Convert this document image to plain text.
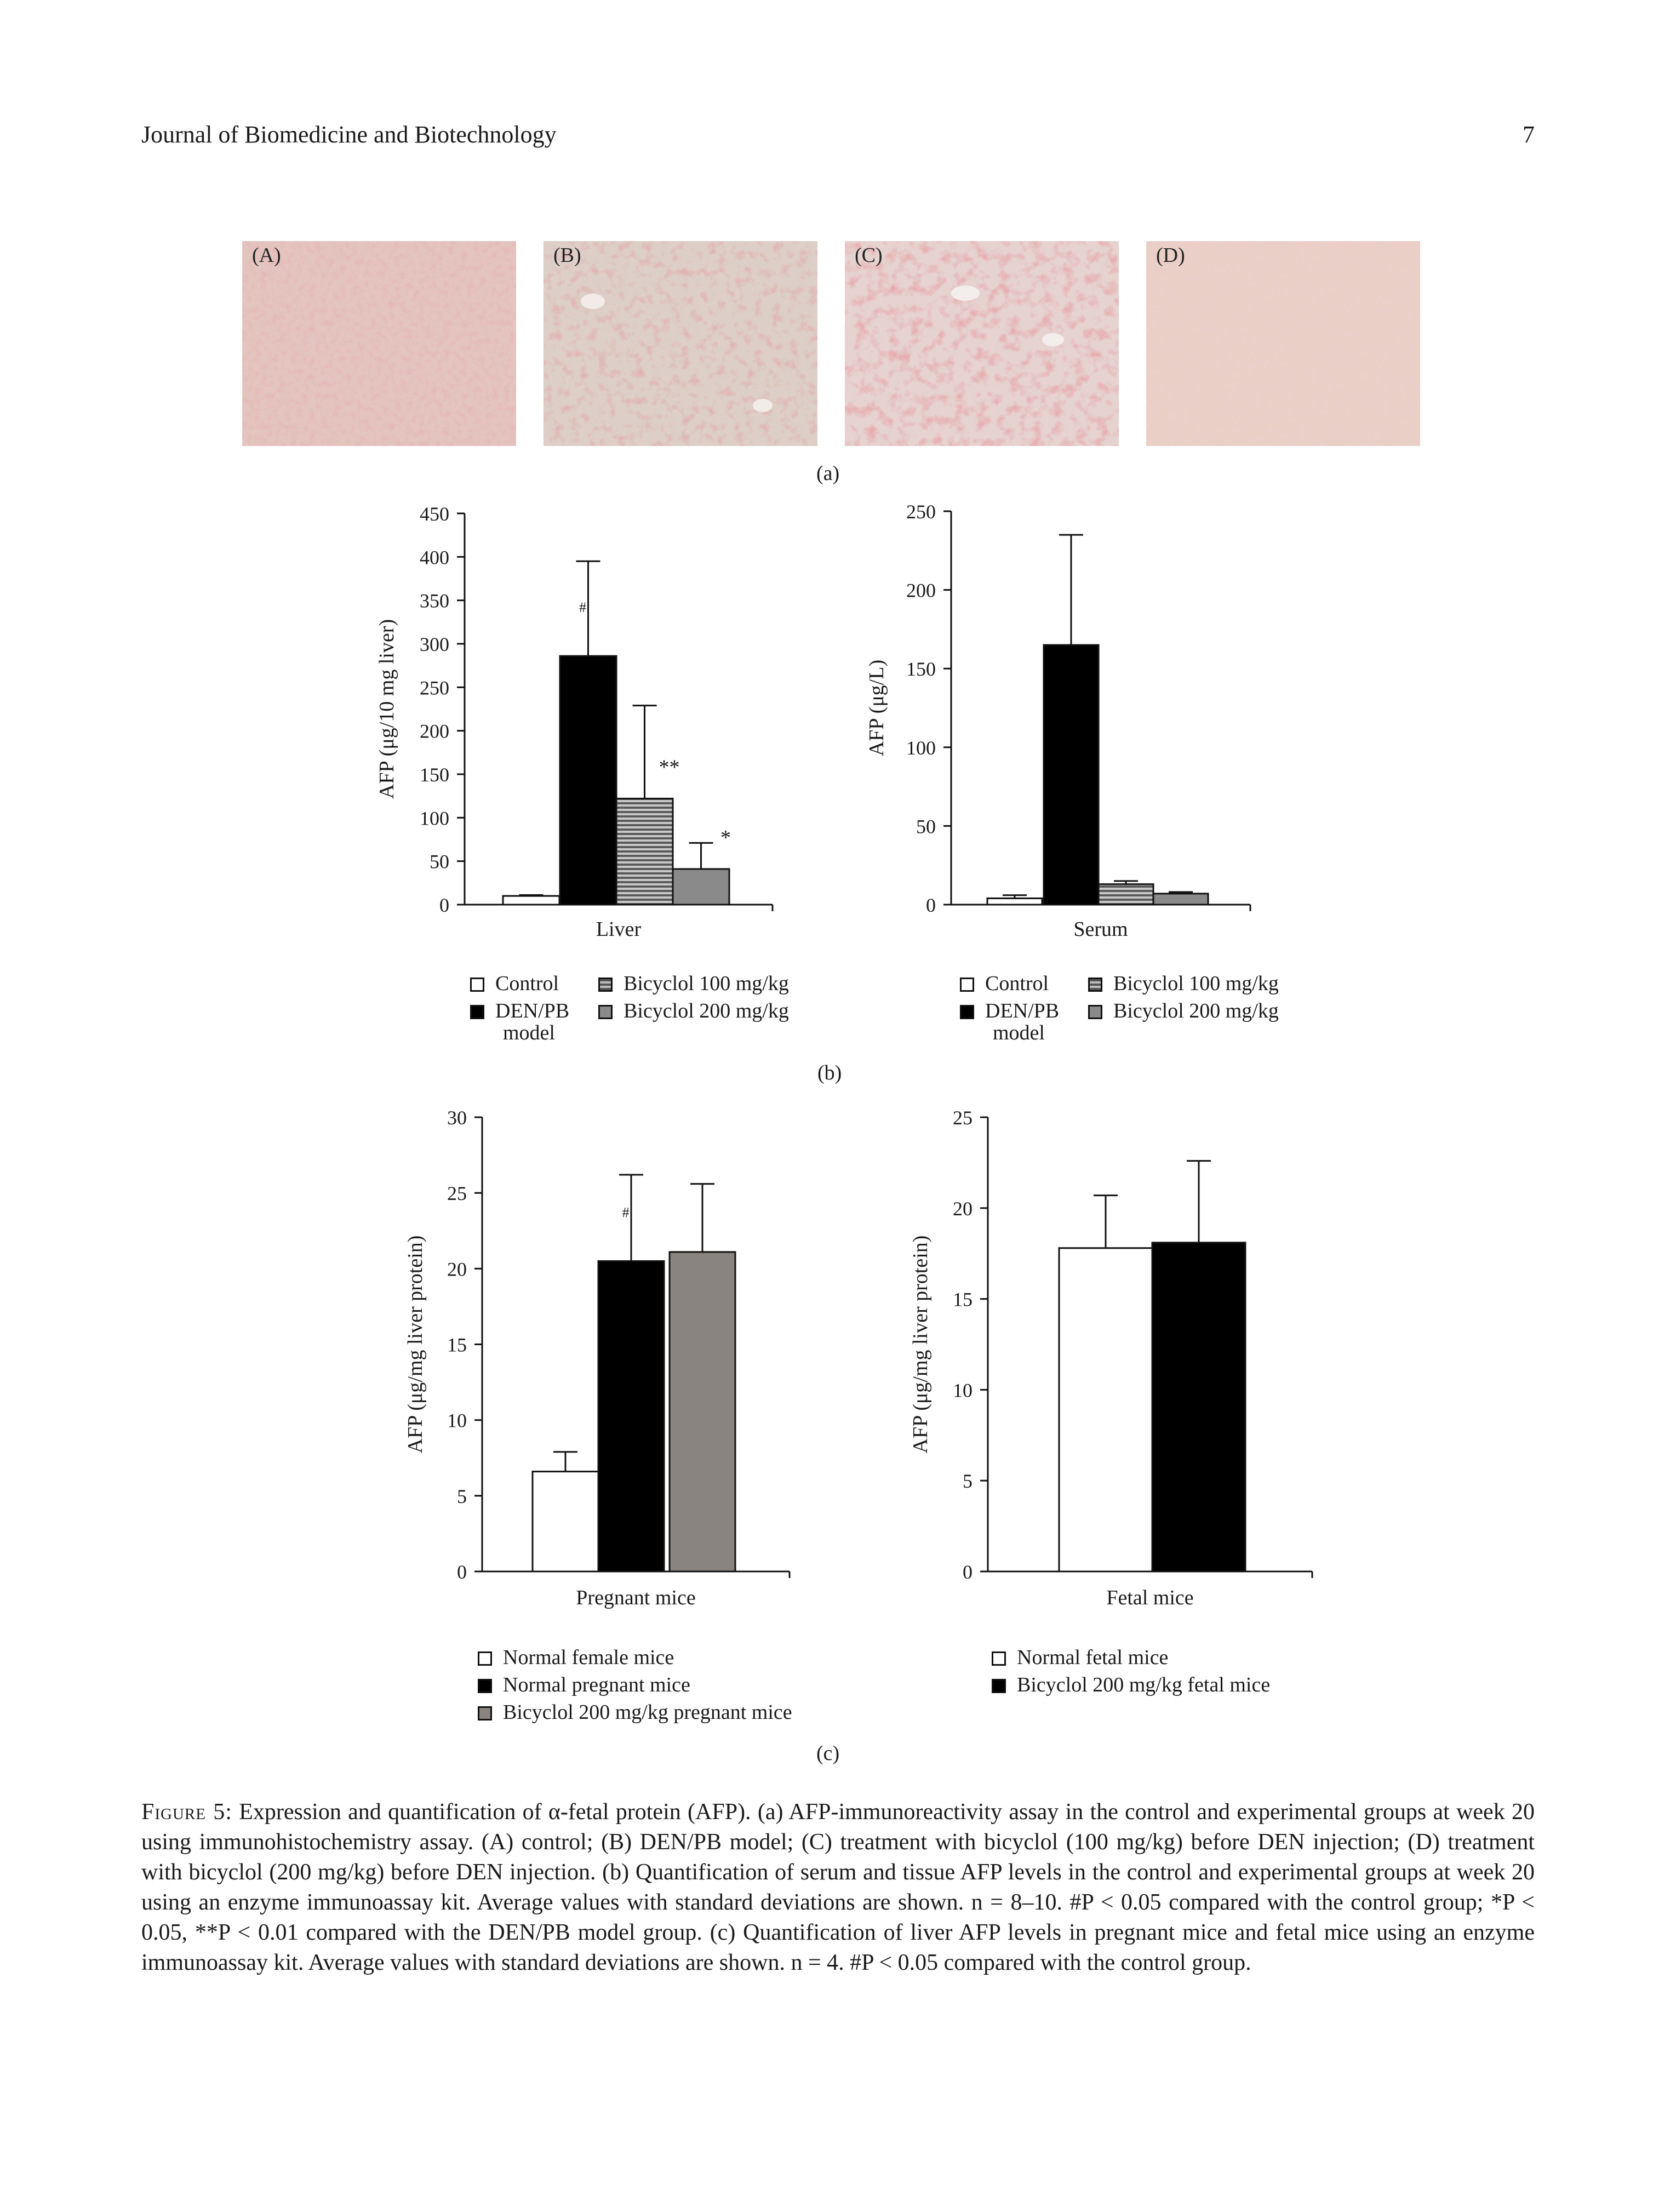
Journal of Biomedicine and Biotechnology	7
(A)	(B)	(C)	(D)
(a)
0
50
100
150
200
250
300
350
400
450
AFP (μg/10 mg liver)
Liver
#
**
*
0
50
100
150
200
250
AFP (μg/L)
Serum
Control
DEN/PB
model
Bicyclol 100 mg/kg
Bicyclol 200 mg/kg
Control
DEN/PB
model
Bicyclol 100 mg/kg
Bicyclol 200 mg/kg
(b)
0
5
10
15
20
25
30
AFP (μg/mg liver protein)
Pregnant mice
#
0
5
10
15
20
25
AFP (μg/mg liver protein)
Fetal mice
Normal female mice
Normal pregnant mice
Bicyclol 200 mg/kg pregnant mice
Normal fetal mice
Bicyclol 200 mg/kg fetal mice
(c)
Figure 5: Expression and quantification of α-fetal protein (AFP). (a) AFP-immunoreactivity assay in the control and experimental groups at week 20 using immunohistochemistry assay. (A) control; (B) DEN/PB model; (C) treatment with bicyclol (100 mg/kg) before DEN injection; (D) treatment with bicyclol (200 mg/kg) before DEN injection. (b) Quantification of serum and tissue AFP levels in the control and experimental groups at week 20 using an enzyme immunoassay kit. Average values with standard deviations are shown. n = 8–10. #P < 0.05 compared with the control group; *P < 0.05, **P < 0.01 compared with the DEN/PB model group. (c) Quantification of liver AFP levels in pregnant mice and fetal mice using an enzyme immunoassay kit. Average values with standard deviations are shown. n = 4. #P < 0.05 compared with the control group.
